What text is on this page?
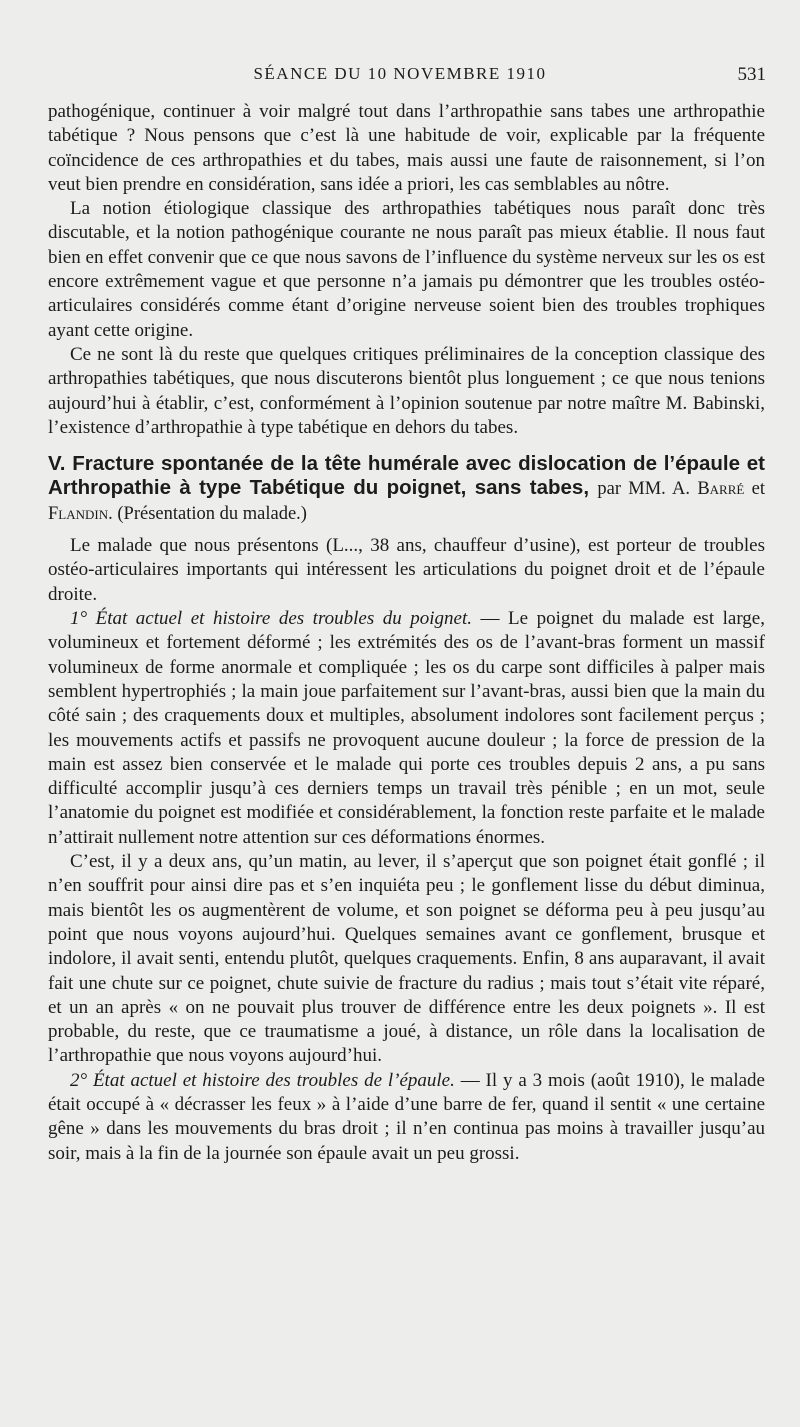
SÉANCE DU 10 NOVEMBRE 1910	531

pathogénique, continuer à voir malgré tout dans l’arthropathie sans tabes une arthropathie tabétique ? Nous pensons que c’est là une habitude de voir, explicable par la fréquente coïncidence de ces arthropathies et du tabes, mais aussi une faute de raisonnement, si l’on veut bien prendre en considération, sans idée a priori, les cas semblables au nôtre.

La notion étiologique classique des arthropathies tabétiques nous paraît donc très discutable, et la notion pathogénique courante ne nous paraît pas mieux établie. Il nous faut bien en effet convenir que ce que nous savons de l’influence du système nerveux sur les os est encore extrêmement vague et que personne n’a jamais pu démontrer que les troubles ostéo-articulaires considérés comme étant d’origine nerveuse soient bien des troubles trophiques ayant cette origine.

Ce ne sont là du reste que quelques critiques préliminaires de la conception classique des arthropathies tabétiques, que nous discuterons bientôt plus longuement ; ce que nous tenions aujourd’hui à établir, c’est, conformément à l’opinion soutenue par notre maître M. Babinski, l’existence d’arthropathie à type tabétique en dehors du tabes.

V. Fracture spontanée de la tête humérale avec dislocation de l’épaule et Arthropathie à type Tabétique du poignet, sans tabes, par MM. A. Barré et Flandin. (Présentation du malade.)

Le malade que nous présentons (L..., 38 ans, chauffeur d’usine), est porteur de troubles ostéo-articulaires importants qui intéressent les articulations du poignet droit et de l’épaule droite.

1° État actuel et histoire des troubles du poignet. — Le poignet du malade est large, volumineux et fortement déformé ; les extrémités des os de l’avant-bras forment un massif volumineux de forme anormale et compliquée ; les os du carpe sont difficiles à palper mais semblent hypertrophiés ; la main joue parfaitement sur l’avant-bras, aussi bien que la main du côté sain ; des craquements doux et multiples, absolument indolores sont facilement perçus ; les mouvements actifs et passifs ne provoquent aucune douleur ; la force de pression de la main est assez bien conservée et le malade qui porte ces troubles depuis 2 ans, a pu sans difficulté accomplir jusqu’à ces derniers temps un travail très pénible ; en un mot, seule l’anatomie du poignet est modifiée et considérablement, la fonction reste parfaite et le malade n’attirait nullement notre attention sur ces déformations énormes.

C’est, il y a deux ans, qu’un matin, au lever, il s’aperçut que son poignet était gonflé ; il n’en souffrit pour ainsi dire pas et s’en inquiéta peu ; le gonflement lisse du début diminua, mais bientôt les os augmentèrent de volume, et son poignet se déforma peu à peu jusqu’au point que nous voyons aujourd’hui. Quelques semaines avant ce gonflement, brusque et indolore, il avait senti, entendu plutôt, quelques craquements. Enfin, 8 ans auparavant, il avait fait une chute sur ce poignet, chute suivie de fracture du radius ; mais tout s’était vite réparé, et un an après « on ne pouvait plus trouver de différence entre les deux poignets ». Il est probable, du reste, que ce traumatisme a joué, à distance, un rôle dans la localisation de l’arthropathie que nous voyons aujourd’hui.

2° État actuel et histoire des troubles de l’épaule. — Il y a 3 mois (août 1910), le malade était occupé à « décrasser les feux » à l’aide d’une barre de fer, quand il sentit « une certaine gêne » dans les mouvements du bras droit ; il n’en continua pas moins à travailler jusqu’au soir, mais à la fin de la journée son épaule avait un peu grossi.
